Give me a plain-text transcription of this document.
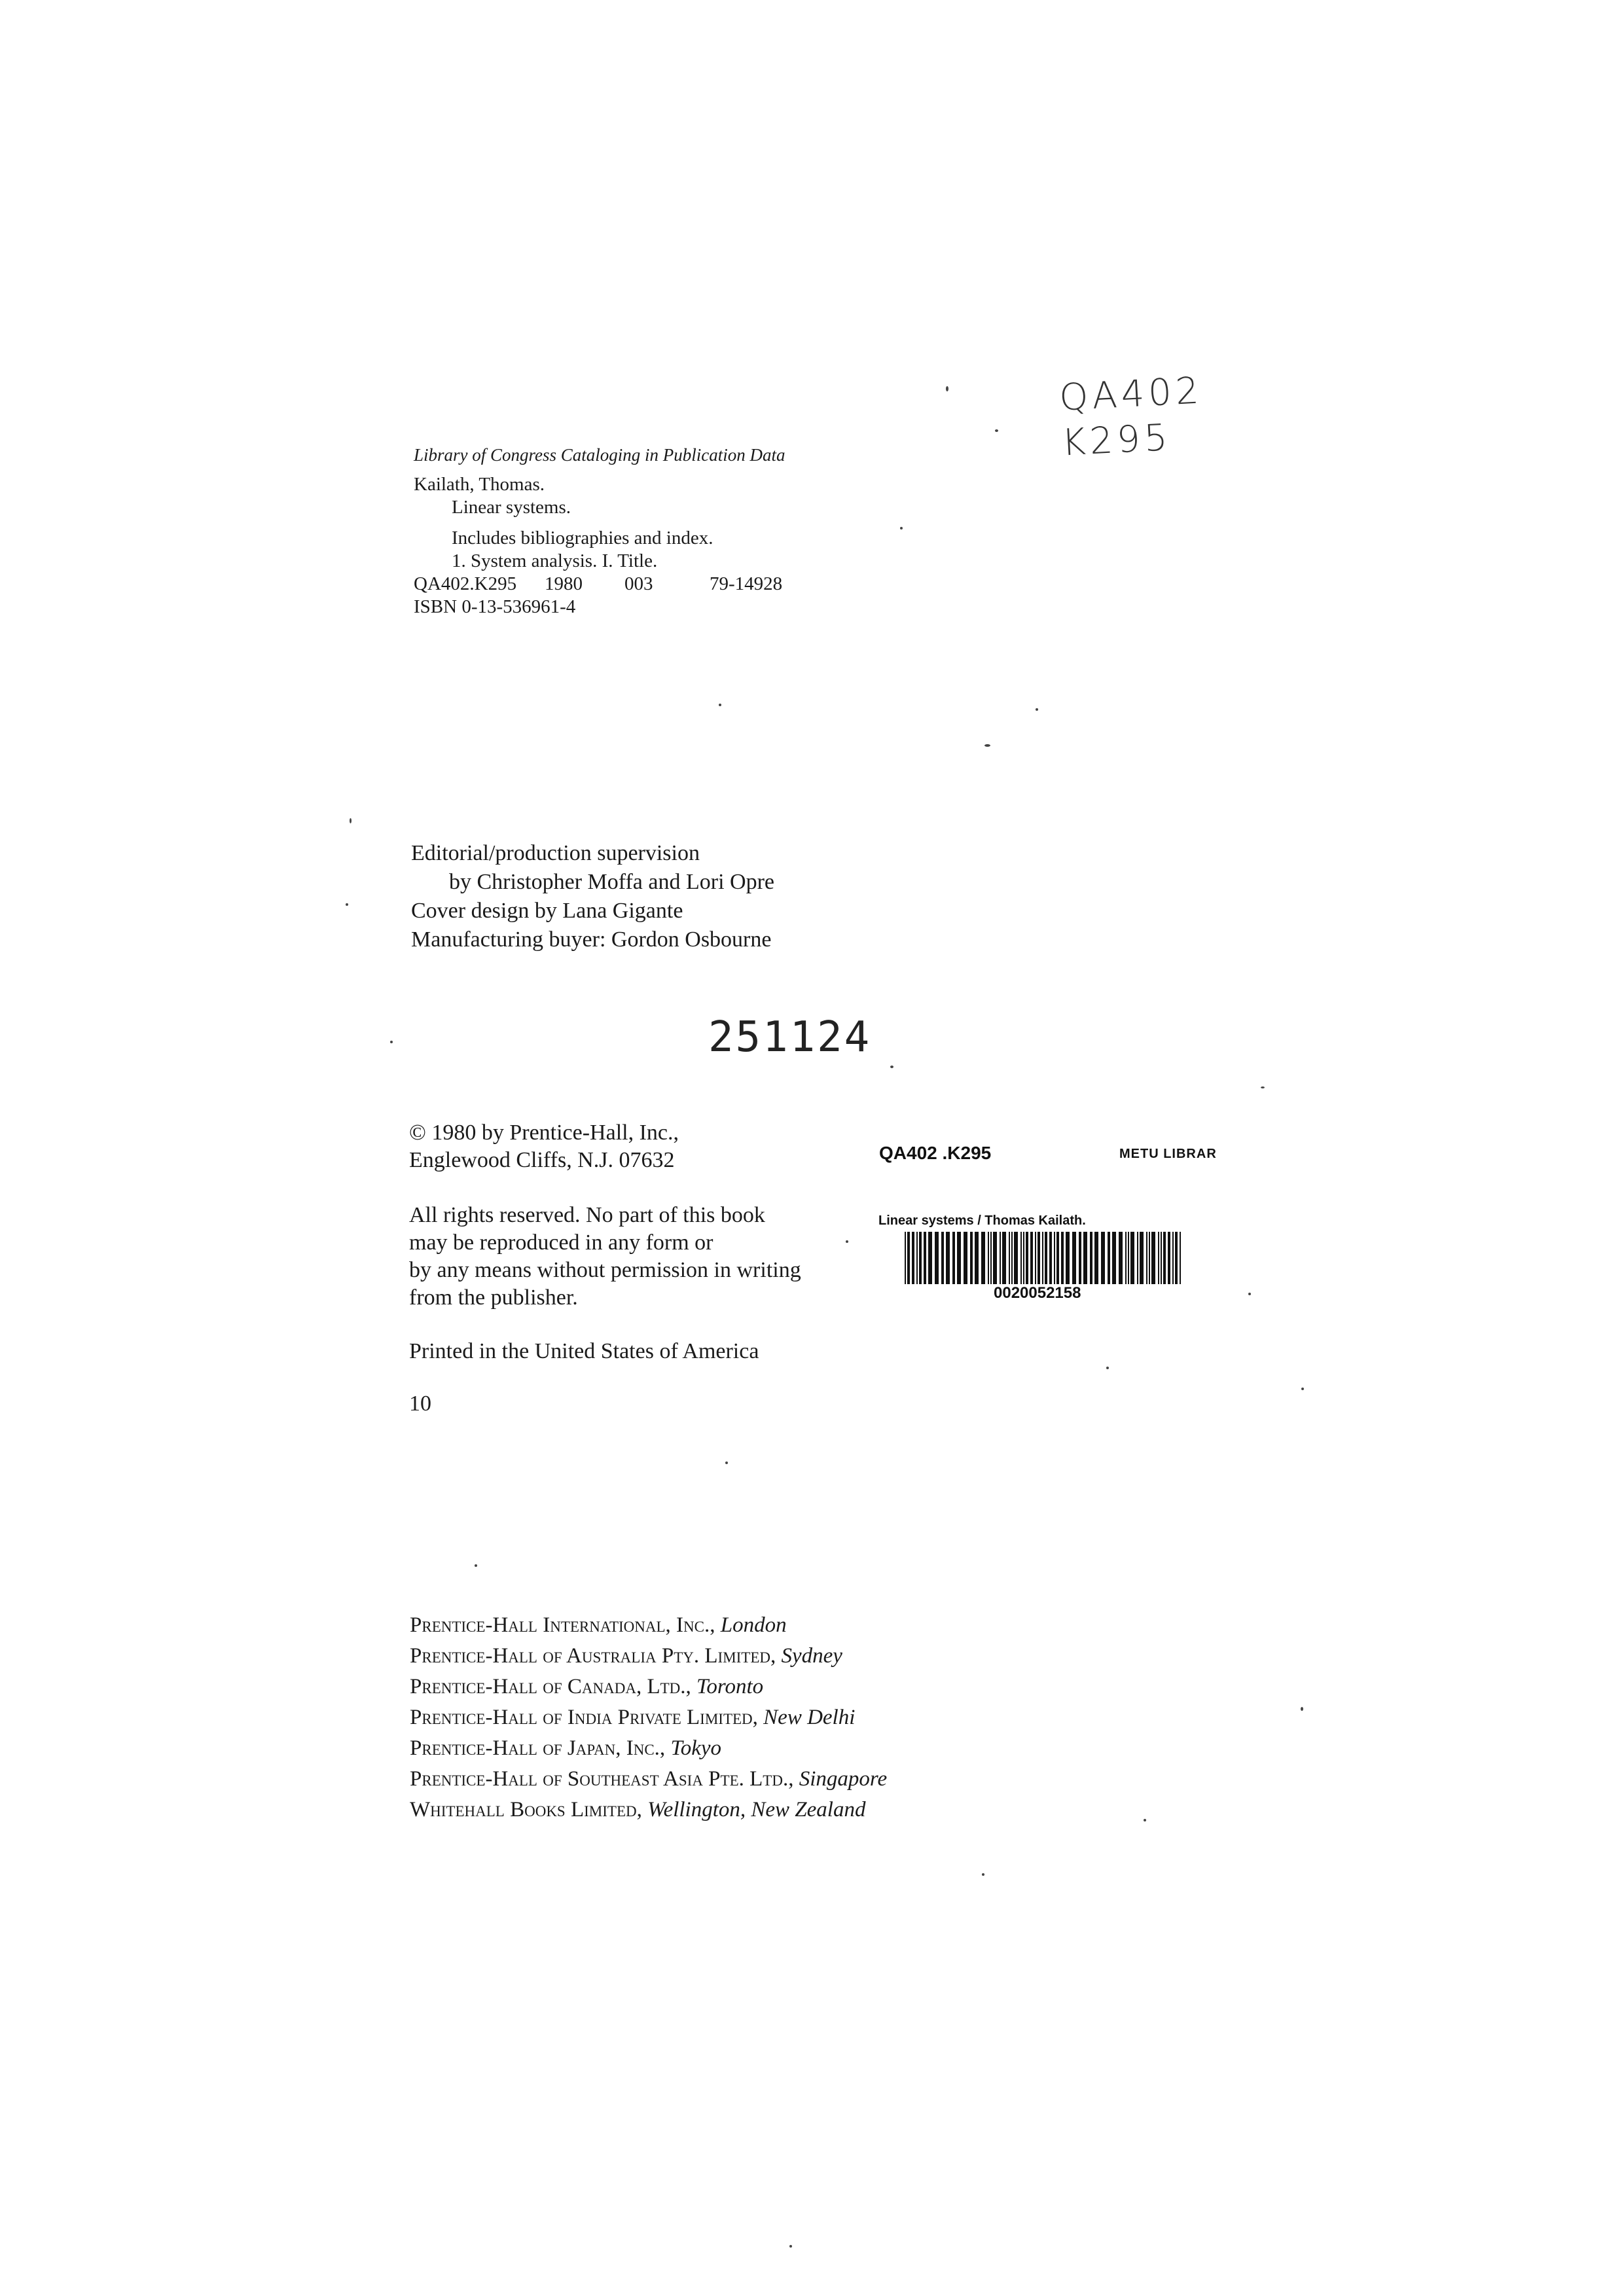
QA402
K295
Library of Congress Cataloging in Publication Data
Kailath, Thomas.
Linear systems.
Includes bibliographies and index.
1. System analysis. I. Title.
QA402.K295 1980 003	79-14928
ISBN 0-13-536961-4
Editorial/production supervision
by Christopher Moffa and Lori Opre
Cover design by Lana Gigante
Manufacturing buyer: Gordon Osbourne
251124
© 1980 by Prentice-Hall, Inc.,
Englewood Cliffs, N.J. 07632
All rights reserved. No part of this book
may be reproduced in any form or
by any means without permission in writing
from the publisher.
Printed in the United States of America
10
QA402 .K295	METU LIBRAR
Linear systems / Thomas Kailath.
0020052158
Prentice-Hall International, Inc., London
Prentice-Hall of Australia Pty. Limited, Sydney
Prentice-Hall of Canada, Ltd., Toronto
Prentice-Hall of India Private Limited, New Delhi
Prentice-Hall of Japan, Inc., Tokyo
Prentice-Hall of Southeast Asia Pte. Ltd., Singapore
Whitehall Books Limited, Wellington, New Zealand
